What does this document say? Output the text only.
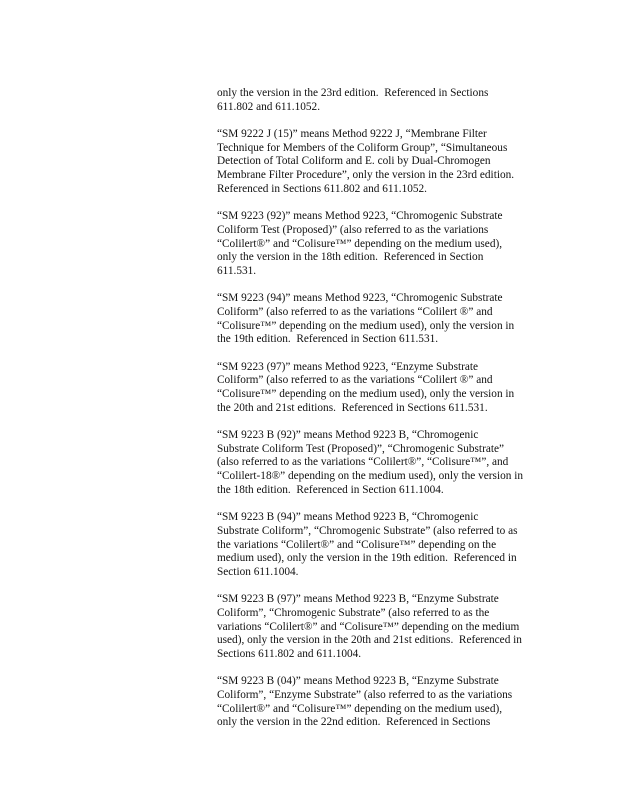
only the version in the 23rd edition.  Referenced in Sections
611.802 and 611.1052.

“SM 9222 J (15)” means Method 9222 J, “Membrane Filter
Technique for Members of the Coliform Group”, “Simultaneous
Detection of Total Coliform and E. coli by Dual-Chromogen
Membrane Filter Procedure”, only the version in the 23rd edition.
Referenced in Sections 611.802 and 611.1052.

“SM 9223 (92)” means Method 9223, “Chromogenic Substrate
Coliform Test (Proposed)” (also referred to as the variations
“Colilert®” and “Colisure™” depending on the medium used),
only the version in the 18th edition.  Referenced in Section
611.531.

“SM 9223 (94)” means Method 9223, “Chromogenic Substrate
Coliform” (also referred to as the variations “Colilert ®” and
“Colisure™” depending on the medium used), only the version in
the 19th edition.  Referenced in Section 611.531.

“SM 9223 (97)” means Method 9223, “Enzyme Substrate
Coliform” (also referred to as the variations “Colilert ®” and
“Colisure™” depending on the medium used), only the version in
the 20th and 21st editions.  Referenced in Sections 611.531.

“SM 9223 B (92)” means Method 9223 B, “Chromogenic
Substrate Coliform Test (Proposed)”, “Chromogenic Substrate”
(also referred to as the variations “Colilert®”, “Colisure™”, and
“Colilert-18®” depending on the medium used), only the version in
the 18th edition.  Referenced in Section 611.1004.

“SM 9223 B (94)” means Method 9223 B, “Chromogenic
Substrate Coliform”, “Chromogenic Substrate” (also referred to as
the variations “Colilert®” and “Colisure™” depending on the
medium used), only the version in the 19th edition.  Referenced in
Section 611.1004.

“SM 9223 B (97)” means Method 9223 B, “Enzyme Substrate
Coliform”, “Chromogenic Substrate” (also referred to as the
variations “Colilert®” and “Colisure™” depending on the medium
used), only the version in the 20th and 21st editions.  Referenced in
Sections 611.802 and 611.1004.

“SM 9223 B (04)” means Method 9223 B, “Enzyme Substrate
Coliform”, “Enzyme Substrate” (also referred to as the variations
“Colilert®” and “Colisure™” depending on the medium used),
only the version in the 22nd edition.  Referenced in Sections
